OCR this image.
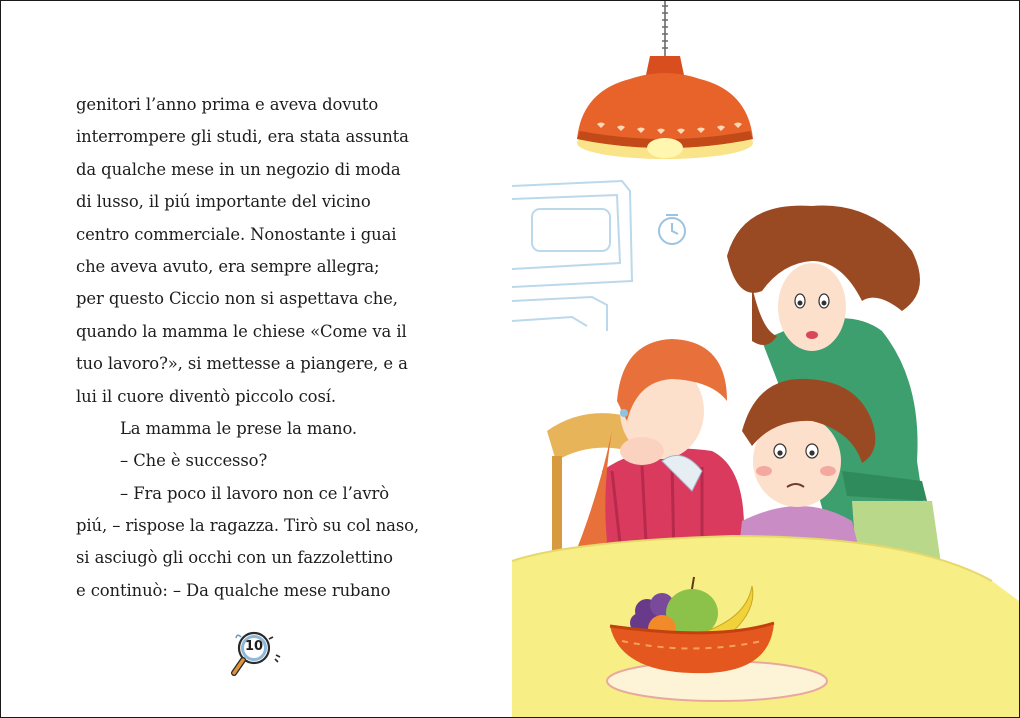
genitori l’anno prima e aveva dovuto
interrompere gli studi, era stata assunta
da qualche mese in un negozio di moda
di lusso, il piú importante del vicino
centro commerciale. Nonostante i guai
che aveva avuto, era sempre allegra;
per questo Ciccio non si aspettava che,
quando la mamma le chiese «Come va il
tuo lavoro?», si mettesse a piangere, e a
lui il cuore diventò piccolo cosí.
La mamma le prese la mano.
– Che è successo?
– Fra poco il lavoro non ce l’avrò
piú, – rispose la ragazza. Tirò su col naso,
si asciugò gli occhi con un fazzolettino
e continuò: – Da qualche mese rubano
10
